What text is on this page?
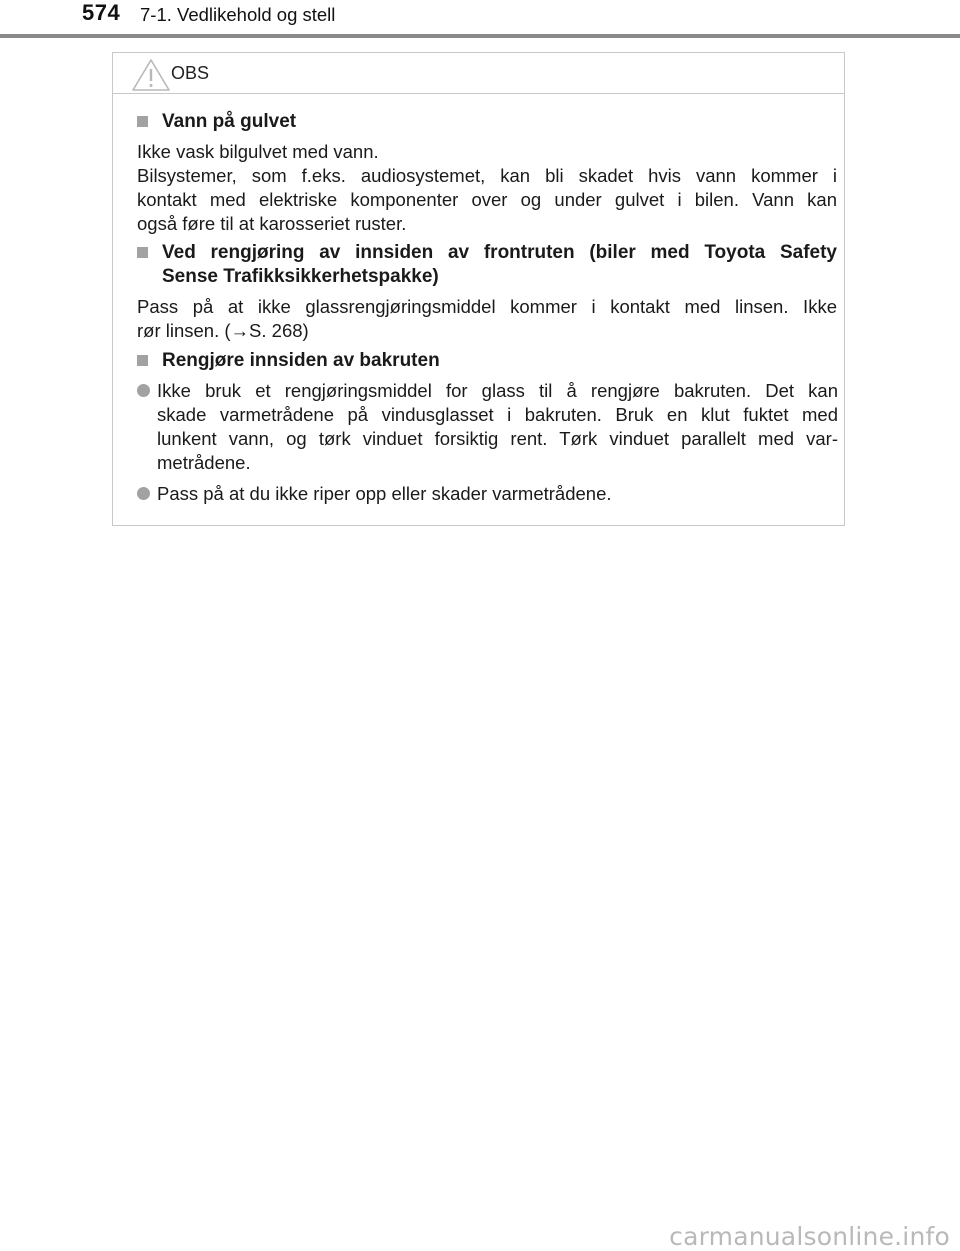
574 7-1. Vedlikehold og stell
OBS
Vann på gulvet
Ikke vask bilgulvet med vann.
Bilsystemer, som f.eks. audiosystemet, kan bli skadet hvis vann kommer i
kontakt med elektriske komponenter over og under gulvet i bilen. Vann kan
også føre til at karosseriet ruster.
Ved rengjøring av innsiden av frontruten (biler med Toyota Safety
Sense Trafikksikkerhetspakke)
Pass på at ikke glassrengjøringsmiddel kommer i kontakt med linsen. Ikke
rør linsen. (→S. 268)
Rengjøre innsiden av bakruten
Ikke bruk et rengjøringsmiddel for glass til å rengjøre bakruten. Det kan
skade varmetrådene på vindusglasset i bakruten. Bruk en klut fuktet med
lunkent vann, og tørk vinduet forsiktig rent. Tørk vinduet parallelt med var-
metrådene.
Pass på at du ikke riper opp eller skader varmetrådene.
carmanualsonline.info
